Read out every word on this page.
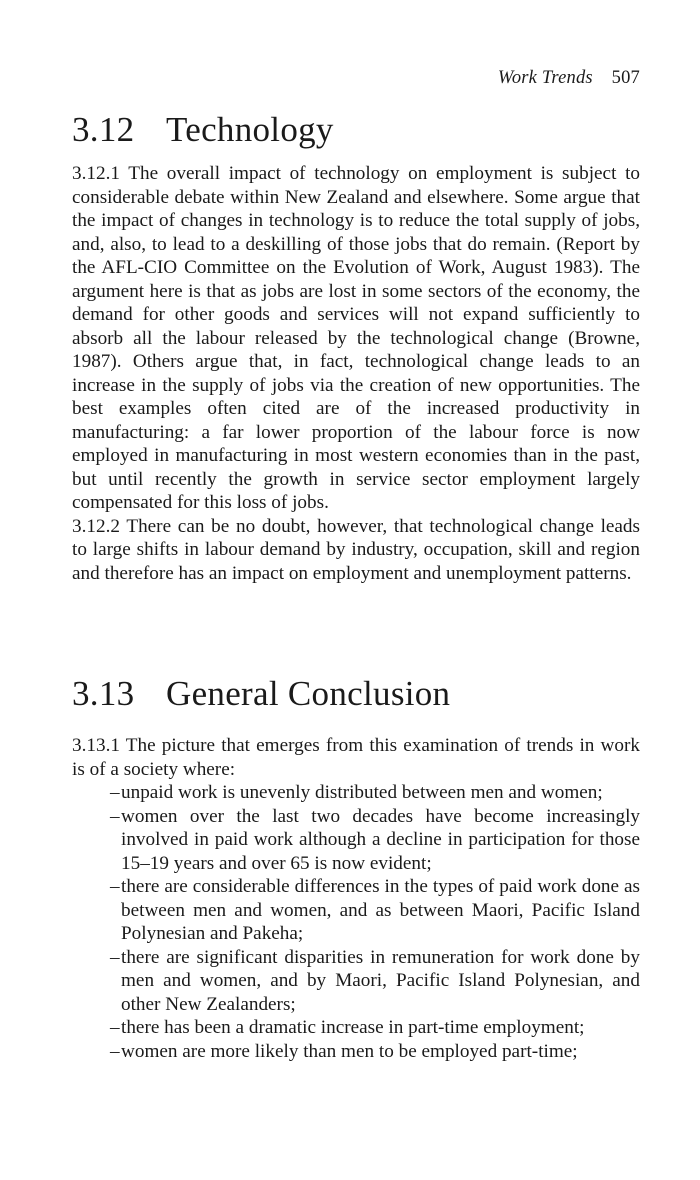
Work Trends 507
3.12 Technology

3.12.1 The overall impact of technology on employment is subject to considerable debate within New Zealand and elsewhere. Some argue that the impact of changes in technology is to reduce the total supply of jobs, and, also, to lead to a deskilling of those jobs that do remain. (Report by the AFL-CIO Committee on the Evolution of Work, August 1983). The argument here is that as jobs are lost in some sectors of the economy, the demand for other goods and services will not expand sufficiently to absorb all the labour released by the technological change (Browne, 1987). Others argue that, in fact, technological change leads to an increase in the supply of jobs via the creation of new opportunities. The best examples often cited are of the increased productivity in manufacturing: a far lower proportion of the labour force is now employed in manufacturing in most western economies than in the past, but until recently the growth in service sector employment largely compensated for this loss of jobs.

3.12.2 There can be no doubt, however, that technological change leads to large shifts in labour demand by industry, occupation, skill and region and therefore has an impact on employment and unemployment patterns.

3.13 General Conclusion

3.13.1 The picture that emerges from this examination of trends in work is of a society where:

– unpaid work is unevenly distributed between men and women;
– women over the last two decades have become increasingly involved in paid work although a decline in participation for those 15–19 years and over 65 is now evident;
– there are considerable differences in the types of paid work done as between men and women, and as between Maori, Pacific Island Polynesian and Pakeha;
– there are significant disparities in remuneration for work done by men and women, and by Maori, Pacific Island Polynesian, and other New Zealanders;
– there has been a dramatic increase in part-time employment;
– women are more likely than men to be employed part-time;
